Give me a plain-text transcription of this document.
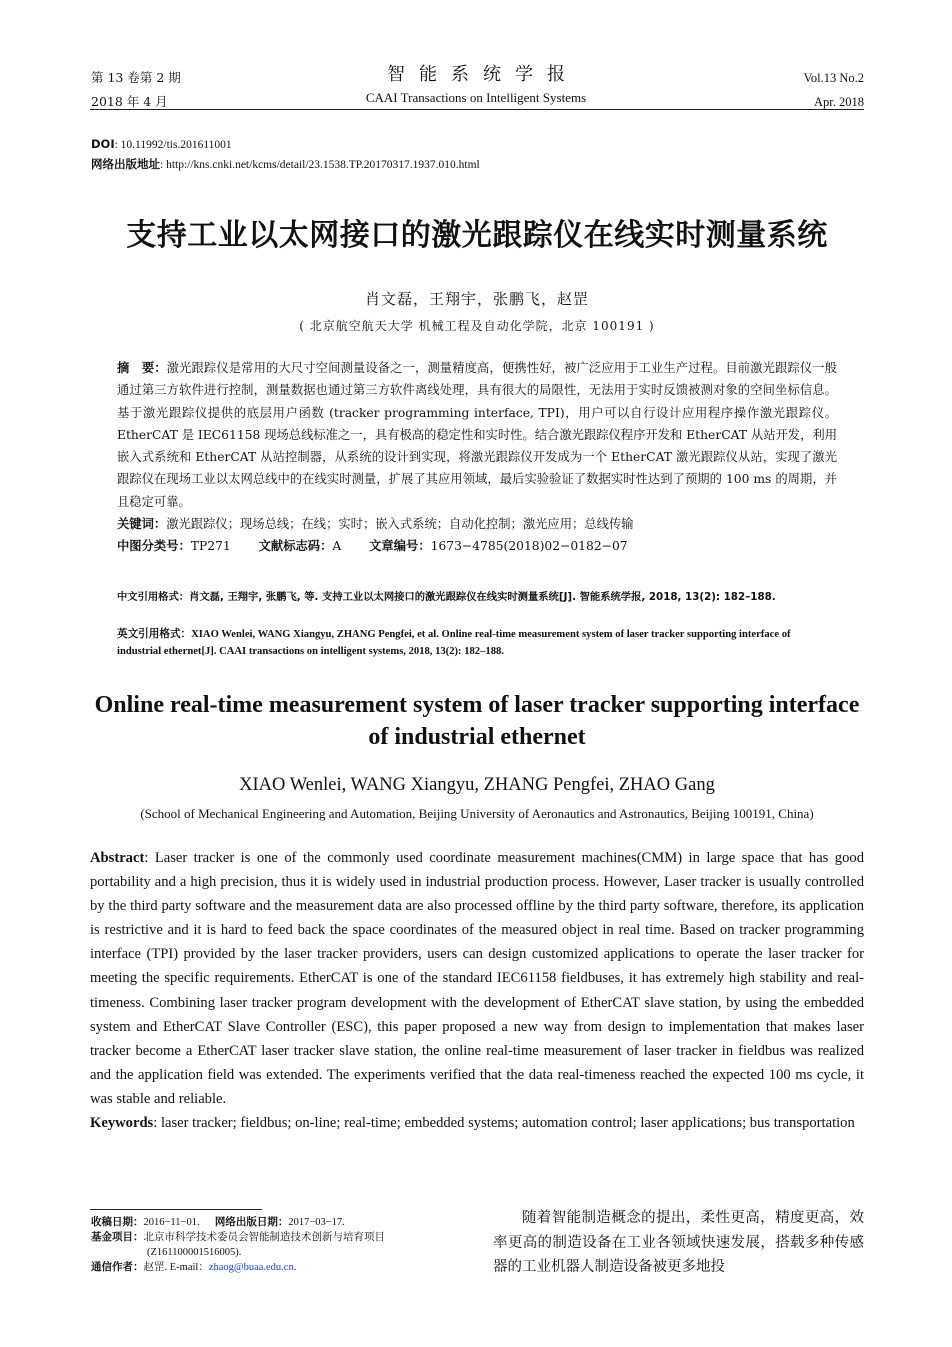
第 13 卷第 2 期
2018 年 4 月
智能系统学报
CAAI Transactions on Intelligent Systems
Vol.13 No.2
Apr. 2018
DOI: 10.11992/tis.201611001
网络出版地址: http://kns.cnki.net/kcms/detail/23.1538.TP.20170317.1937.010.html
支持工业以太网接口的激光跟踪仪在线实时测量系统
肖文磊，王翔宇，张鹏飞，赵罡
( 北京航空航天大学 机械工程及自动化学院，北京 100191 )
摘　要：激光跟踪仪是常用的大尺寸空间测量设备之一，测量精度高，便携性好，被广泛应用于工业生产过程。目前激光跟踪仪一般通过第三方软件进行控制，测量数据也通过第三方软件离线处理，具有很大的局限性，无法用于实时反馈被测对象的空间坐标信息。基于激光跟踪仪提供的底层用户函数 (tracker programming interface, TPI)，用户可以自行设计应用程序操作激光跟踪仪。EtherCAT 是 IEC61158 现场总线标准之一，具有极高的稳定性和实时性。结合激光跟踪仪程序开发和 EtherCAT 从站开发，利用嵌入式系统和 EtherCAT 从站控制器，从系统的设计到实现，将激光跟踪仪开发成为一个 EtherCAT 激光跟踪仪从站，实现了激光跟踪仪在现场工业以太网总线中的在线实时测量，扩展了其应用领域，最后实验验证了数据实时性达到了预期的 100 ms 的周期，并且稳定可靠。
关键词：激光跟踪仪；现场总线；在线；实时；嵌入式系统；自动化控制；激光应用；总线传输
中图分类号：TP271 文献标志码：A 文章编号：1673−4785(2018)02−0182−07
中文引用格式：肖文磊, 王翔宇, 张鹏飞, 等. 支持工业以太网接口的激光跟踪仪在线实时测量系统[J]. 智能系统学报, 2018, 13(2): 182–188.
英文引用格式：XIAO Wenlei, WANG Xiangyu, ZHANG Pengfei, et al. Online real-time measurement system of laser tracker supporting interface of industrial ethernet[J]. CAAI transactions on intelligent systems, 2018, 13(2): 182–188.
Online real-time measurement system of laser tracker supporting interface of industrial ethernet
XIAO Wenlei, WANG Xiangyu, ZHANG Pengfei, ZHAO Gang
(School of Mechanical Engineering and Automation, Beijing University of Aeronautics and Astronautics, Beijing 100191, China)
Abstract: Laser tracker is one of the commonly used coordinate measurement machines(CMM) in large space that has good portability and a high precision, thus it is widely used in industrial production process. However, Laser tracker is usually controlled by the third party software and the measurement data are also processed offline by the third party software, therefore, its application is restrictive and it is hard to feed back the space coordinates of the measured object in real time. Based on tracker programming interface (TPI) provided by the laser tracker providers, users can design customized applications to operate the laser tracker for meeting the specific requirements. EtherCAT is one of the standard IEC61158 fieldbuses, it has extremely high stability and real-timeness. Combining laser tracker program development with the development of EtherCAT slave station, by using the embedded system and EtherCAT Slave Controller (ESC), this paper proposed a new way from design to implementation that makes laser tracker become a EtherCAT laser tracker slave station, the online real-time measurement of laser tracker in fieldbus was realized and the application field was extended. The experiments verified that the data real-timeness reached the expected 100 ms cycle, it was stable and reliable.
Keywords: laser tracker; fieldbus; on-line; real-time; embedded systems; automation control; laser applications; bus transportation
收稿日期：2016−11−01. 网络出版日期：2017−03−17.
基金项目：北京市科学技术委员会智能制造技术创新与培育项目
(Z161100001516005).
通信作者：赵罡. E-mail：zhaog@buaa.edu.cn.
随着智能制造概念的提出，柔性更高，精度更高，效率更高的制造设备在工业各领域快速发展，搭载多种传感器的工业机器人制造设备被更多地投
